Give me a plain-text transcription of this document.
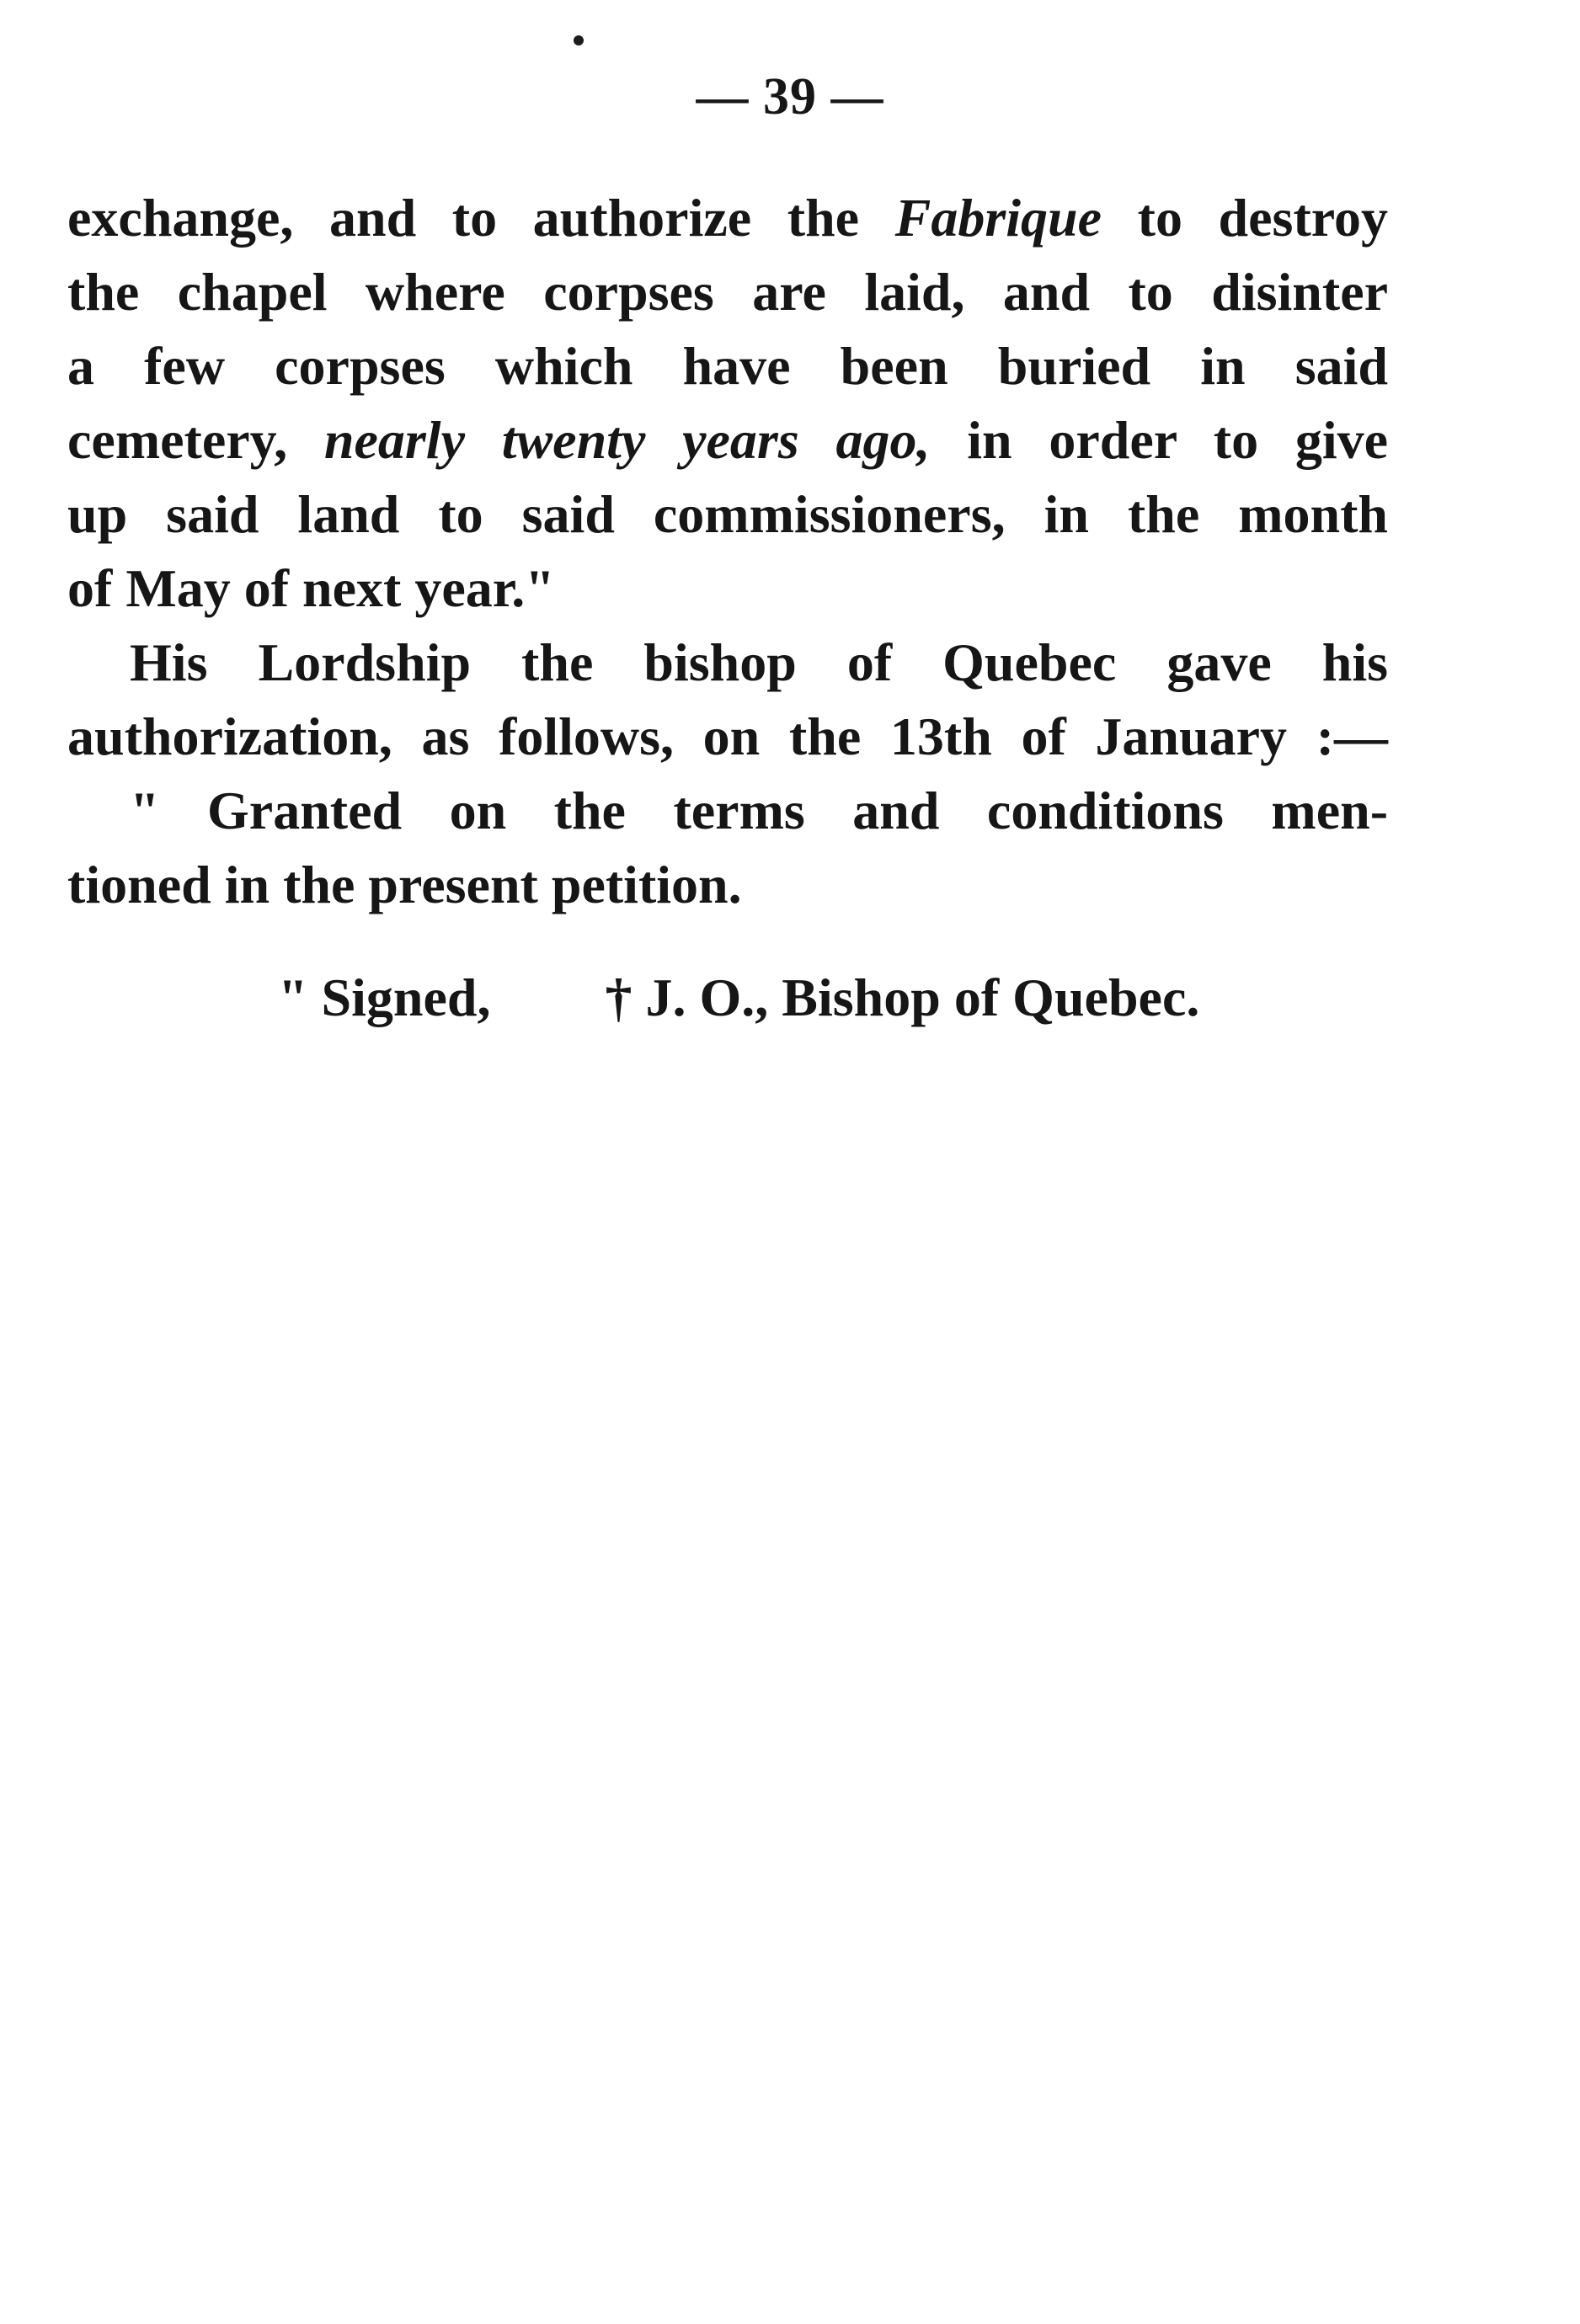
— 39 —
exchange, and to authorize the Fabrique to destroy
the chapel where corpses are laid, and to disinter
a few corpses which have been buried in said
cemetery, nearly twenty years ago, in order to give
up said land to said commissioners, in the month
of May of next year."
His Lordship the bishop of Quebec gave his
authorization, as follows, on the 13th of January :—
" Granted on the terms and conditions men-
tioned in the present petition.
" Signed, † J. O., Bishop of Quebec.
